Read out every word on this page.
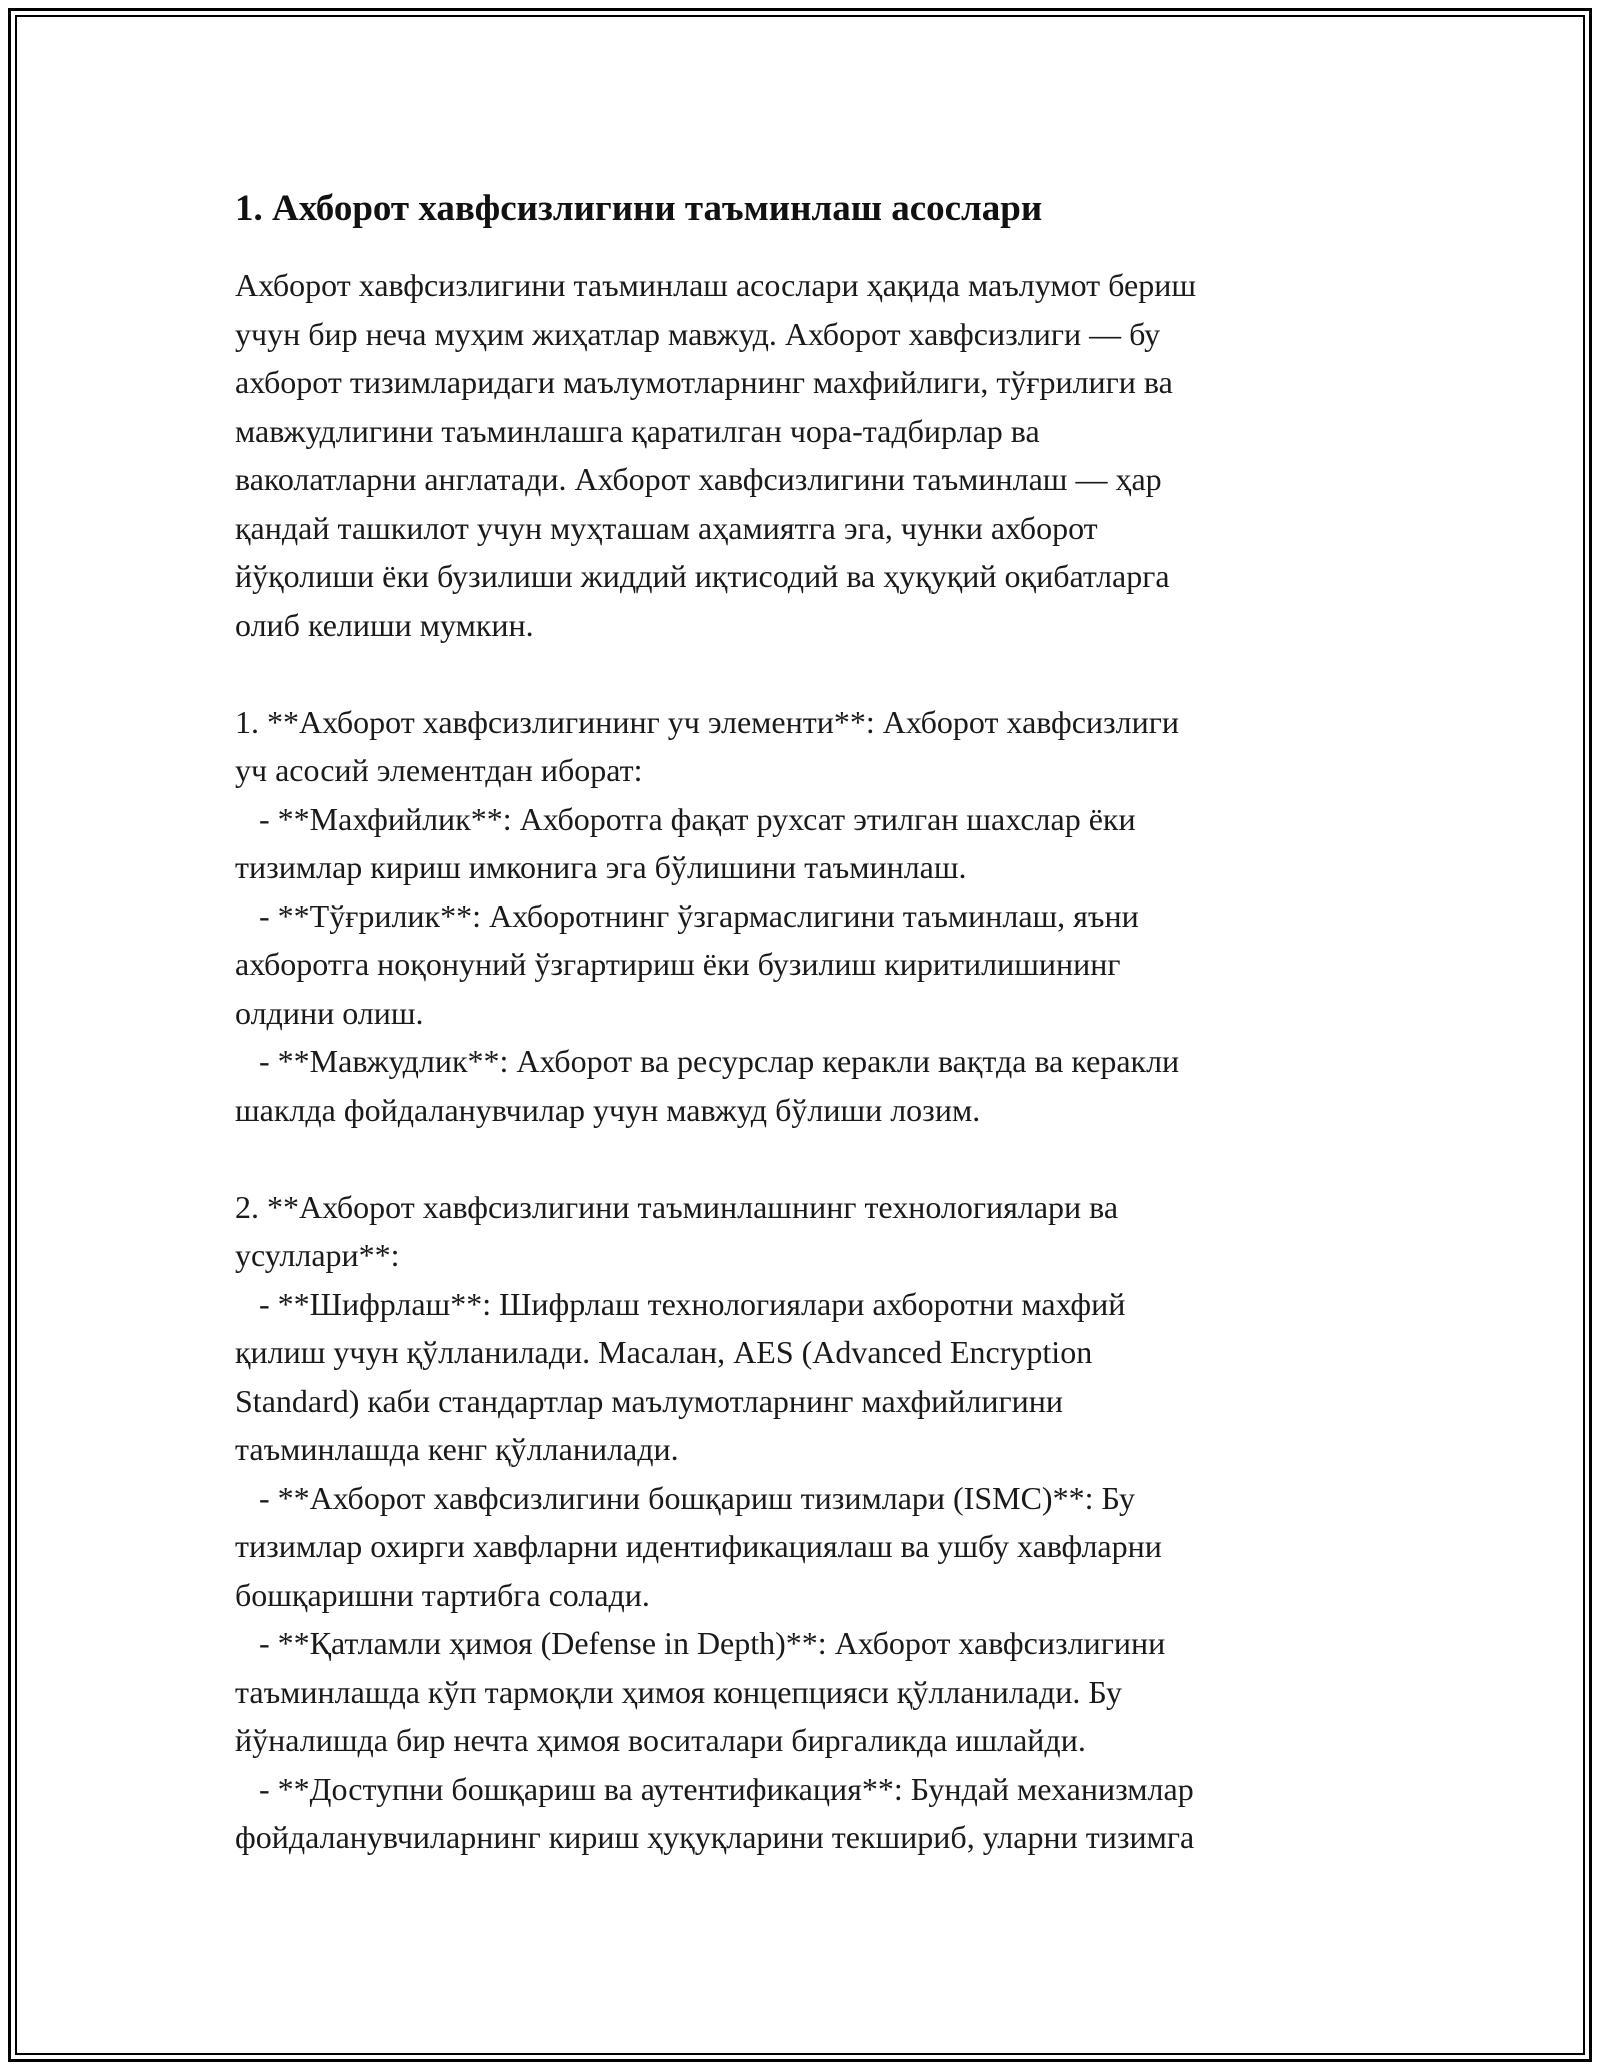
1. Ахборот хавфсизлигини таъминлаш асослари
Ахборот хавфсизлигини таъминлаш асослари ҳақида маълумот бериш
учун бир неча муҳим жиҳатлар мавжуд. Ахборот хавфсизлиги — бу
ахборот тизимларидаги маълумотларнинг махфийлиги, тўғрилиги ва
мавжудлигини таъминлашга қаратилган чора-тадбирлар ва
ваколатларни англатади. Ахборот хавфсизлигини таъминлаш — ҳар
қандай ташкилот учун муҳташам аҳамиятга эга, чунки ахборот
йўқолиши ёки бузилиши жиддий иқтисодий ва ҳуқуқий оқибатларга
олиб келиши мумкин.
1. **Ахборот хавфсизлигининг уч элементи**: Ахборот хавфсизлиги
уч асосий элементдан иборат:
- **Махфийлик**: Ахборотга фақат рухсат этилган шахслар ёки
тизимлар кириш имконига эга бўлишини таъминлаш.
- **Тўғрилик**: Ахборотнинг ўзгармаслигини таъминлаш, яъни
ахборотга ноқонуний ўзгартириш ёки бузилиш киритилишининг
олдини олиш.
- **Мавжудлик**: Ахборот ва ресурслар керакли вақтда ва керакли
шаклда фойдаланувчилар учун мавжуд бўлиши лозим.
2. **Ахборот хавфсизлигини таъминлашнинг технологиялари ва
усуллари**:
- **Шифрлаш**: Шифрлаш технологиялари ахборотни махфий
қилиш учун қўлланилади. Масалан, AES (Advanced Encryption
Standard) каби стандартлар маълумотларнинг махфийлигини
таъминлашда кенг қўлланилади.
- **Ахборот хавфсизлигини бошқариш тизимлари (ISMC)**: Бу
тизимлар охирги хавфларни идентификациялаш ва ушбу хавфларни
бошқаришни тартибга солади.
- **Қатламли ҳимоя (Defense in Depth)**: Ахборот хавфсизлигини
таъминлашда кўп тармоқли ҳимоя концепцияси қўлланилади. Бу
йўналишда бир нечта ҳимоя воситалари биргаликда ишлайди.
- **Доступни бошқариш ва аутентификация**: Бундай механизмлар
фойдаланувчиларнинг кириш ҳуқуқларини текшириб, уларни тизимга
